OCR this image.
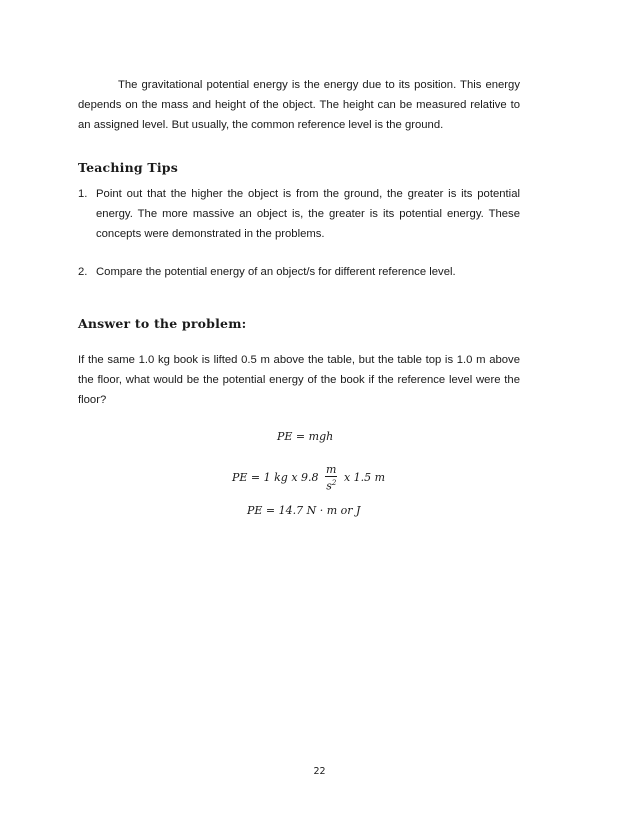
The gravitational potential energy is the energy due to its position. This energy depends on the mass and height of the object. The height can be measured relative to an assigned level. But usually, the common reference level is the ground.

Teaching Tips
1. Point out that the higher the object is from the ground, the greater is its potential energy. The more massive an object is, the greater is its potential energy. These concepts were demonstrated in the problems.
2. Compare the potential energy of an object/s for different reference level.
Answer to the problem:

If the same 1.0 kg book is lifted 0.5 m above the table, but the table top is 1.0 m above the floor, what would be the potential energy of the book if the reference level were the floor?

PE = mgh
PE = 1 kg x $9.8 \frac{m}{s^2}$ x 1.5 m
PE = 14.7 N · m or J
22
